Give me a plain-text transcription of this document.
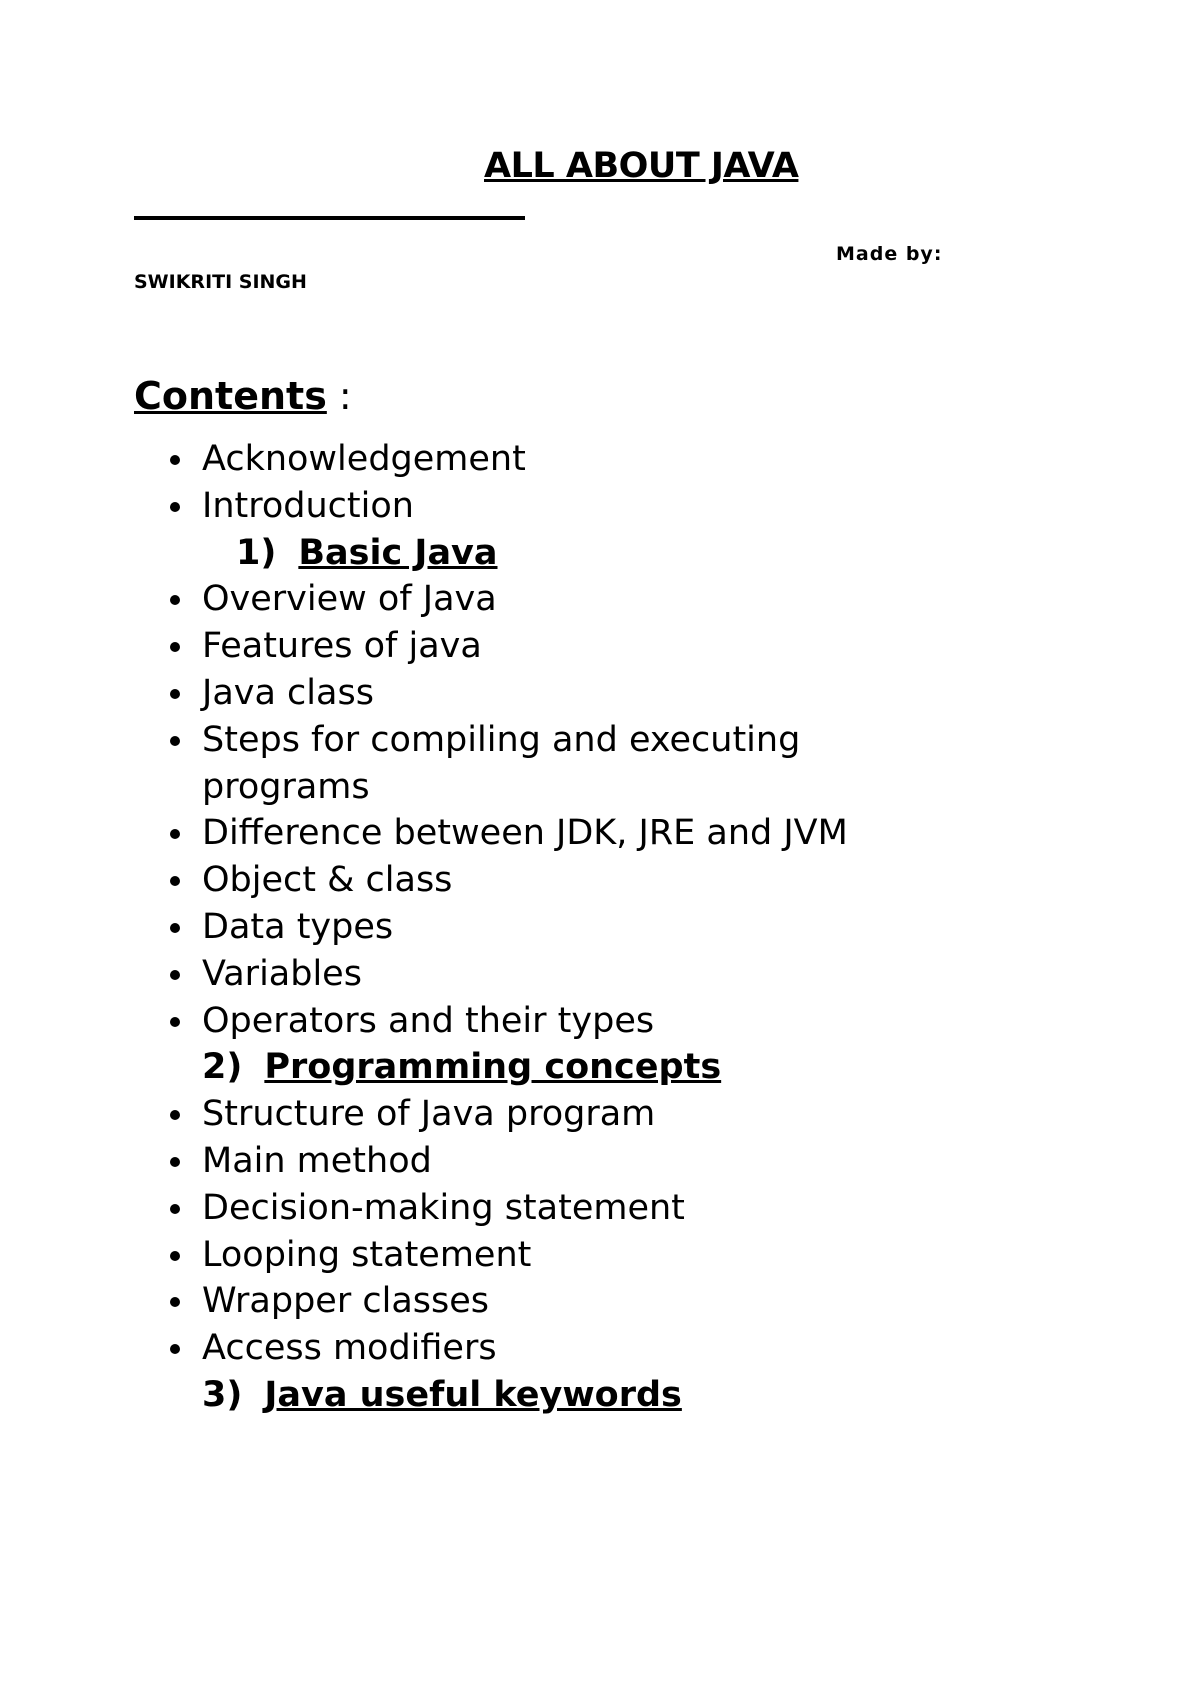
ALL ABOUT JAVA
Made by:
SWIKRITI SINGH
Contents :
Acknowledgement
Introduction
1) Basic Java
Overview of Java
Features of java
Java class
Steps for compiling and executing programs
Difference between JDK, JRE and JVM
Object & class
Data types
Variables
Operators and their types
2) Programming concepts
Structure of Java program
Main method
Decision-making statement
Looping statement
Wrapper classes
Access modifiers
3) Java useful keywords
